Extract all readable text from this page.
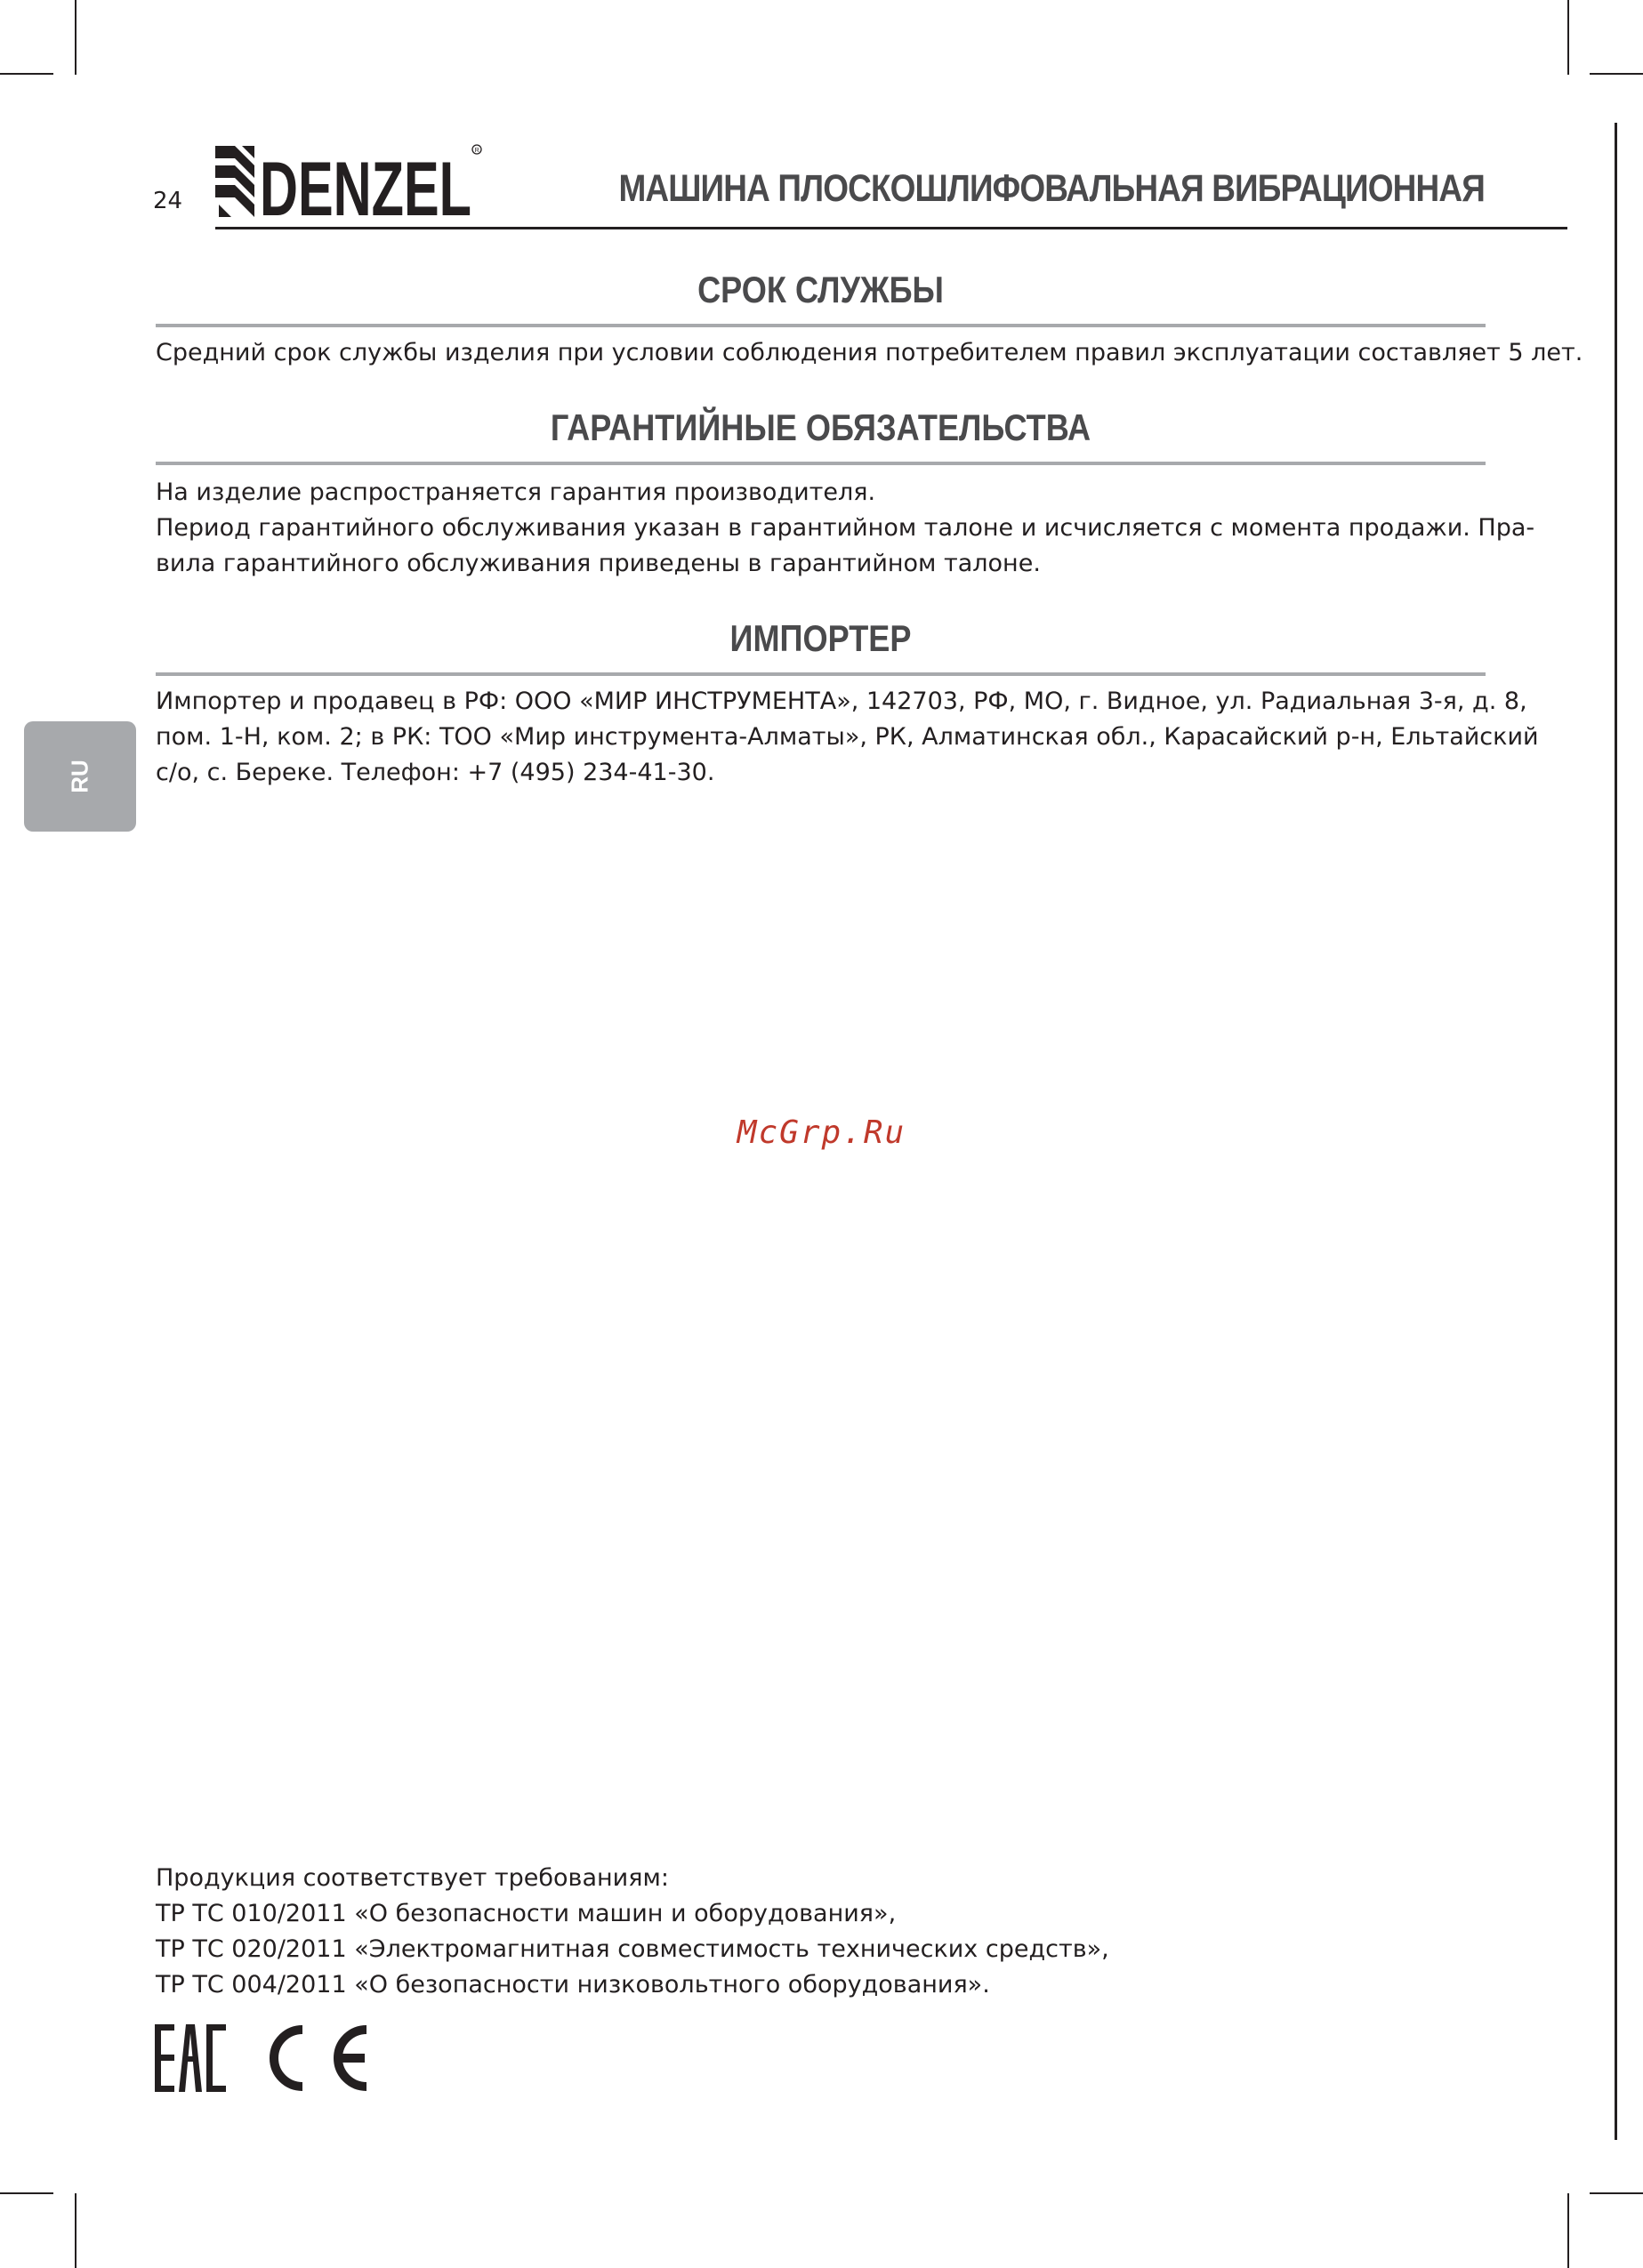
24 DENZEL R
МАШИНА ПЛОСКОШЛИФОВАЛЬНАЯ ВИБРАЦИОННАЯ
СРОК СЛУЖБЫ
Средний срок службы изделия при условии соблюдения потребителем правил эксплуатации составляет 5 лет.
ГАРАНТИЙНЫЕ ОБЯЗАТЕЛЬСТВА
На изделие распространяется гарантия производителя.
Период гарантийного обслуживания указан в гарантийном талоне и исчисляется с момента продажи. Пра-
вила гарантийного обслуживания приведены в гарантийном талоне.
ИМПОРТЕР
Импортер и продавец в РФ: ООО «МИР ИНСТРУМЕНТА», 142703, РФ, МО, г. Видное, ул. Радиальная 3-я, д. 8,
пом. 1-Н, ком. 2; в РК: ТОО «Мир инструмента-Алматы», РК, Алматинская обл., Карасайский р-н, Ельтайский
с/о, с. Береке. Телефон: +7 (495) 234-41-30.
RU
McGrp.Ru
Продукция соответствует требованиям:
ТР ТС 010/2011 «О безопасности машин и оборудования»,
ТР ТС 020/2011 «Электромагнитная совместимость технических средств»,
ТР ТС 004/2011 «О безопасности низковольтного оборудования».
